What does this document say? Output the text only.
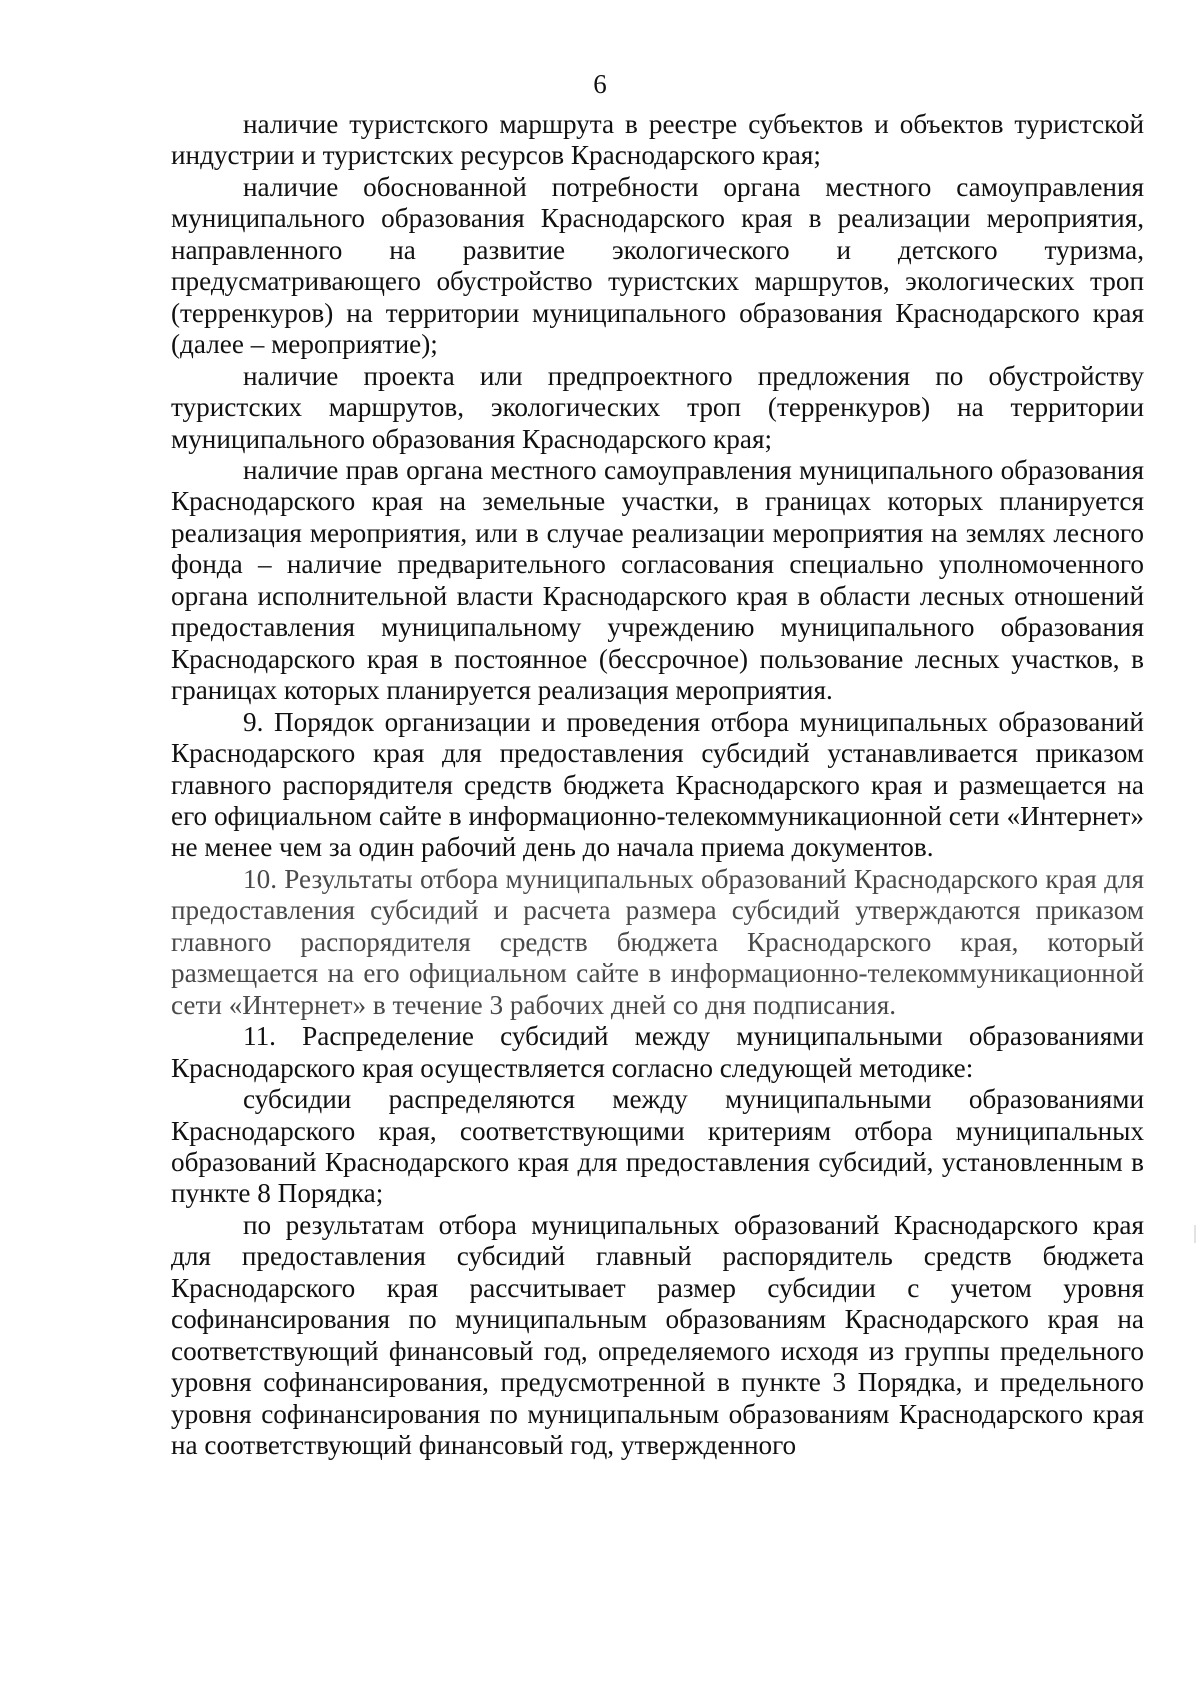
6

наличие туристского маршрута в реестре субъектов и объектов туристской индустрии и туристских ресурсов Краснодарского края;

наличие обоснованной потребности органа местного самоуправления муниципального образования Краснодарского края в реализации мероприятия, направленного на развитие экологического и детского туризма, предусматривающего обустройство туристских маршрутов, экологических троп (терренкуров) на территории муниципального образования Краснодарского края (далее – мероприятие);

наличие проекта или предпроектного предложения по обустройству туристских маршрутов, экологических троп (терренкуров) на территории муниципального образования Краснодарского края;

наличие прав органа местного самоуправления муниципального образования Краснодарского края на земельные участки, в границах которых планируется реализация мероприятия, или в случае реализации мероприятия на землях лесного фонда – наличие предварительного согласования специально уполномоченного органа исполнительной власти Краснодарского края в области лесных отношений предоставления муниципальному учреждению муниципального образования Краснодарского края в постоянное (бессрочное) пользование лесных участков, в границах которых планируется реализация мероприятия.

9. Порядок организации и проведения отбора муниципальных образований Краснодарского края для предоставления субсидий устанавливается приказом главного распорядителя средств бюджета Краснодарского края и размещается на его официальном сайте в информационно-телекоммуникационной сети «Интернет» не менее чем за один рабочий день до начала приема документов.

10. Результаты отбора муниципальных образований Краснодарского края для предоставления субсидий и расчета размера субсидий утверждаются приказом главного распорядителя средств бюджета Краснодарского края, который размещается на его официальном сайте в информационно-телекоммуникационной сети «Интернет» в течение 3 рабочих дней со дня подписания.

11. Распределение субсидий между муниципальными образованиями Краснодарского края осуществляется согласно следующей методике:

субсидии распределяются между муниципальными образованиями Краснодарского края, соответствующими критериям отбора муниципальных образований Краснодарского края для предоставления субсидий, установленным в пункте 8 Порядка;

по результатам отбора муниципальных образований Краснодарского края для предоставления субсидий главный распорядитель средств бюджета Краснодарского края рассчитывает размер субсидии с учетом уровня софинансирования по муниципальным образованиям Краснодарского края на соответствующий финансовый год, определяемого исходя из группы предельного уровня софинансирования, предусмотренной в пункте 3 Порядка, и предельного уровня софинансирования по муниципальным образованиям Краснодарского края на соответствующий финансовый год, утвержденного
